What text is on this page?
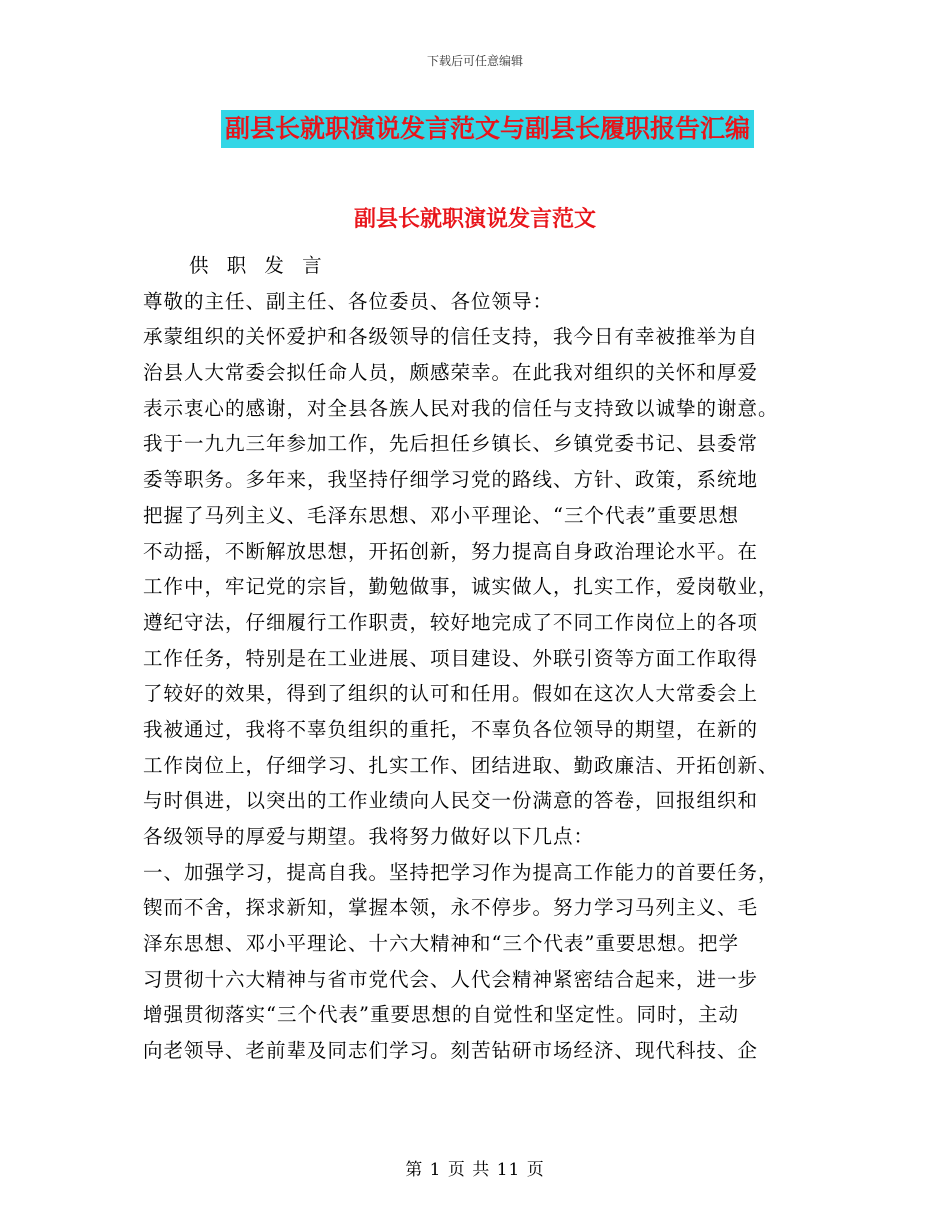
下载后可任意编辑
副县长就职演说发言范文与副县长履职报告汇编
副县长就职演说发言范文
供 职 发 言
尊敬的主任、副主任、各位委员、各位领导：
承蒙组织的关怀爱护和各级领导的信任支持，我今日有幸被推举为自
治县人大常委会拟任命人员，颇感荣幸。在此我对组织的关怀和厚爱
表示衷心的感谢，对全县各族人民对我的信任与支持致以诚挚的谢意。
我于一九九三年参加工作，先后担任乡镇长、乡镇党委书记、县委常
委等职务。多年来，我坚持仔细学习党的路线、方针、政策，系统地
把握了马列主义、毛泽东思想、邓小平理论、“三个代表”重要思想
不动摇，不断解放思想，开拓创新，努力提高自身政治理论水平。在
工作中，牢记党的宗旨，勤勉做事，诚实做人，扎实工作，爱岗敬业，
遵纪守法，仔细履行工作职责，较好地完成了不同工作岗位上的各项
工作任务，特别是在工业进展、项目建设、外联引资等方面工作取得
了较好的效果，得到了组织的认可和任用。假如在这次人大常委会上
我被通过，我将不辜负组织的重托，不辜负各位领导的期望，在新的
工作岗位上，仔细学习、扎实工作、团结进取、勤政廉洁、开拓创新、
与时俱进，以突出的工作业绩向人民交一份满意的答卷，回报组织和
各级领导的厚爱与期望。我将努力做好以下几点：
一、加强学习，提高自我。坚持把学习作为提高工作能力的首要任务，
锲而不舍，探求新知，掌握本领，永不停步。努力学习马列主义、毛
泽东思想、邓小平理论、十六大精神和“三个代表”重要思想。把学
习贯彻十六大精神与省市党代会、人代会精神紧密结合起来，进一步
增强贯彻落实“三个代表”重要思想的自觉性和坚定性。同时，主动
向老领导、老前辈及同志们学习。刻苦钻研市场经济、现代科技、企
第 1 页 共 11 页
